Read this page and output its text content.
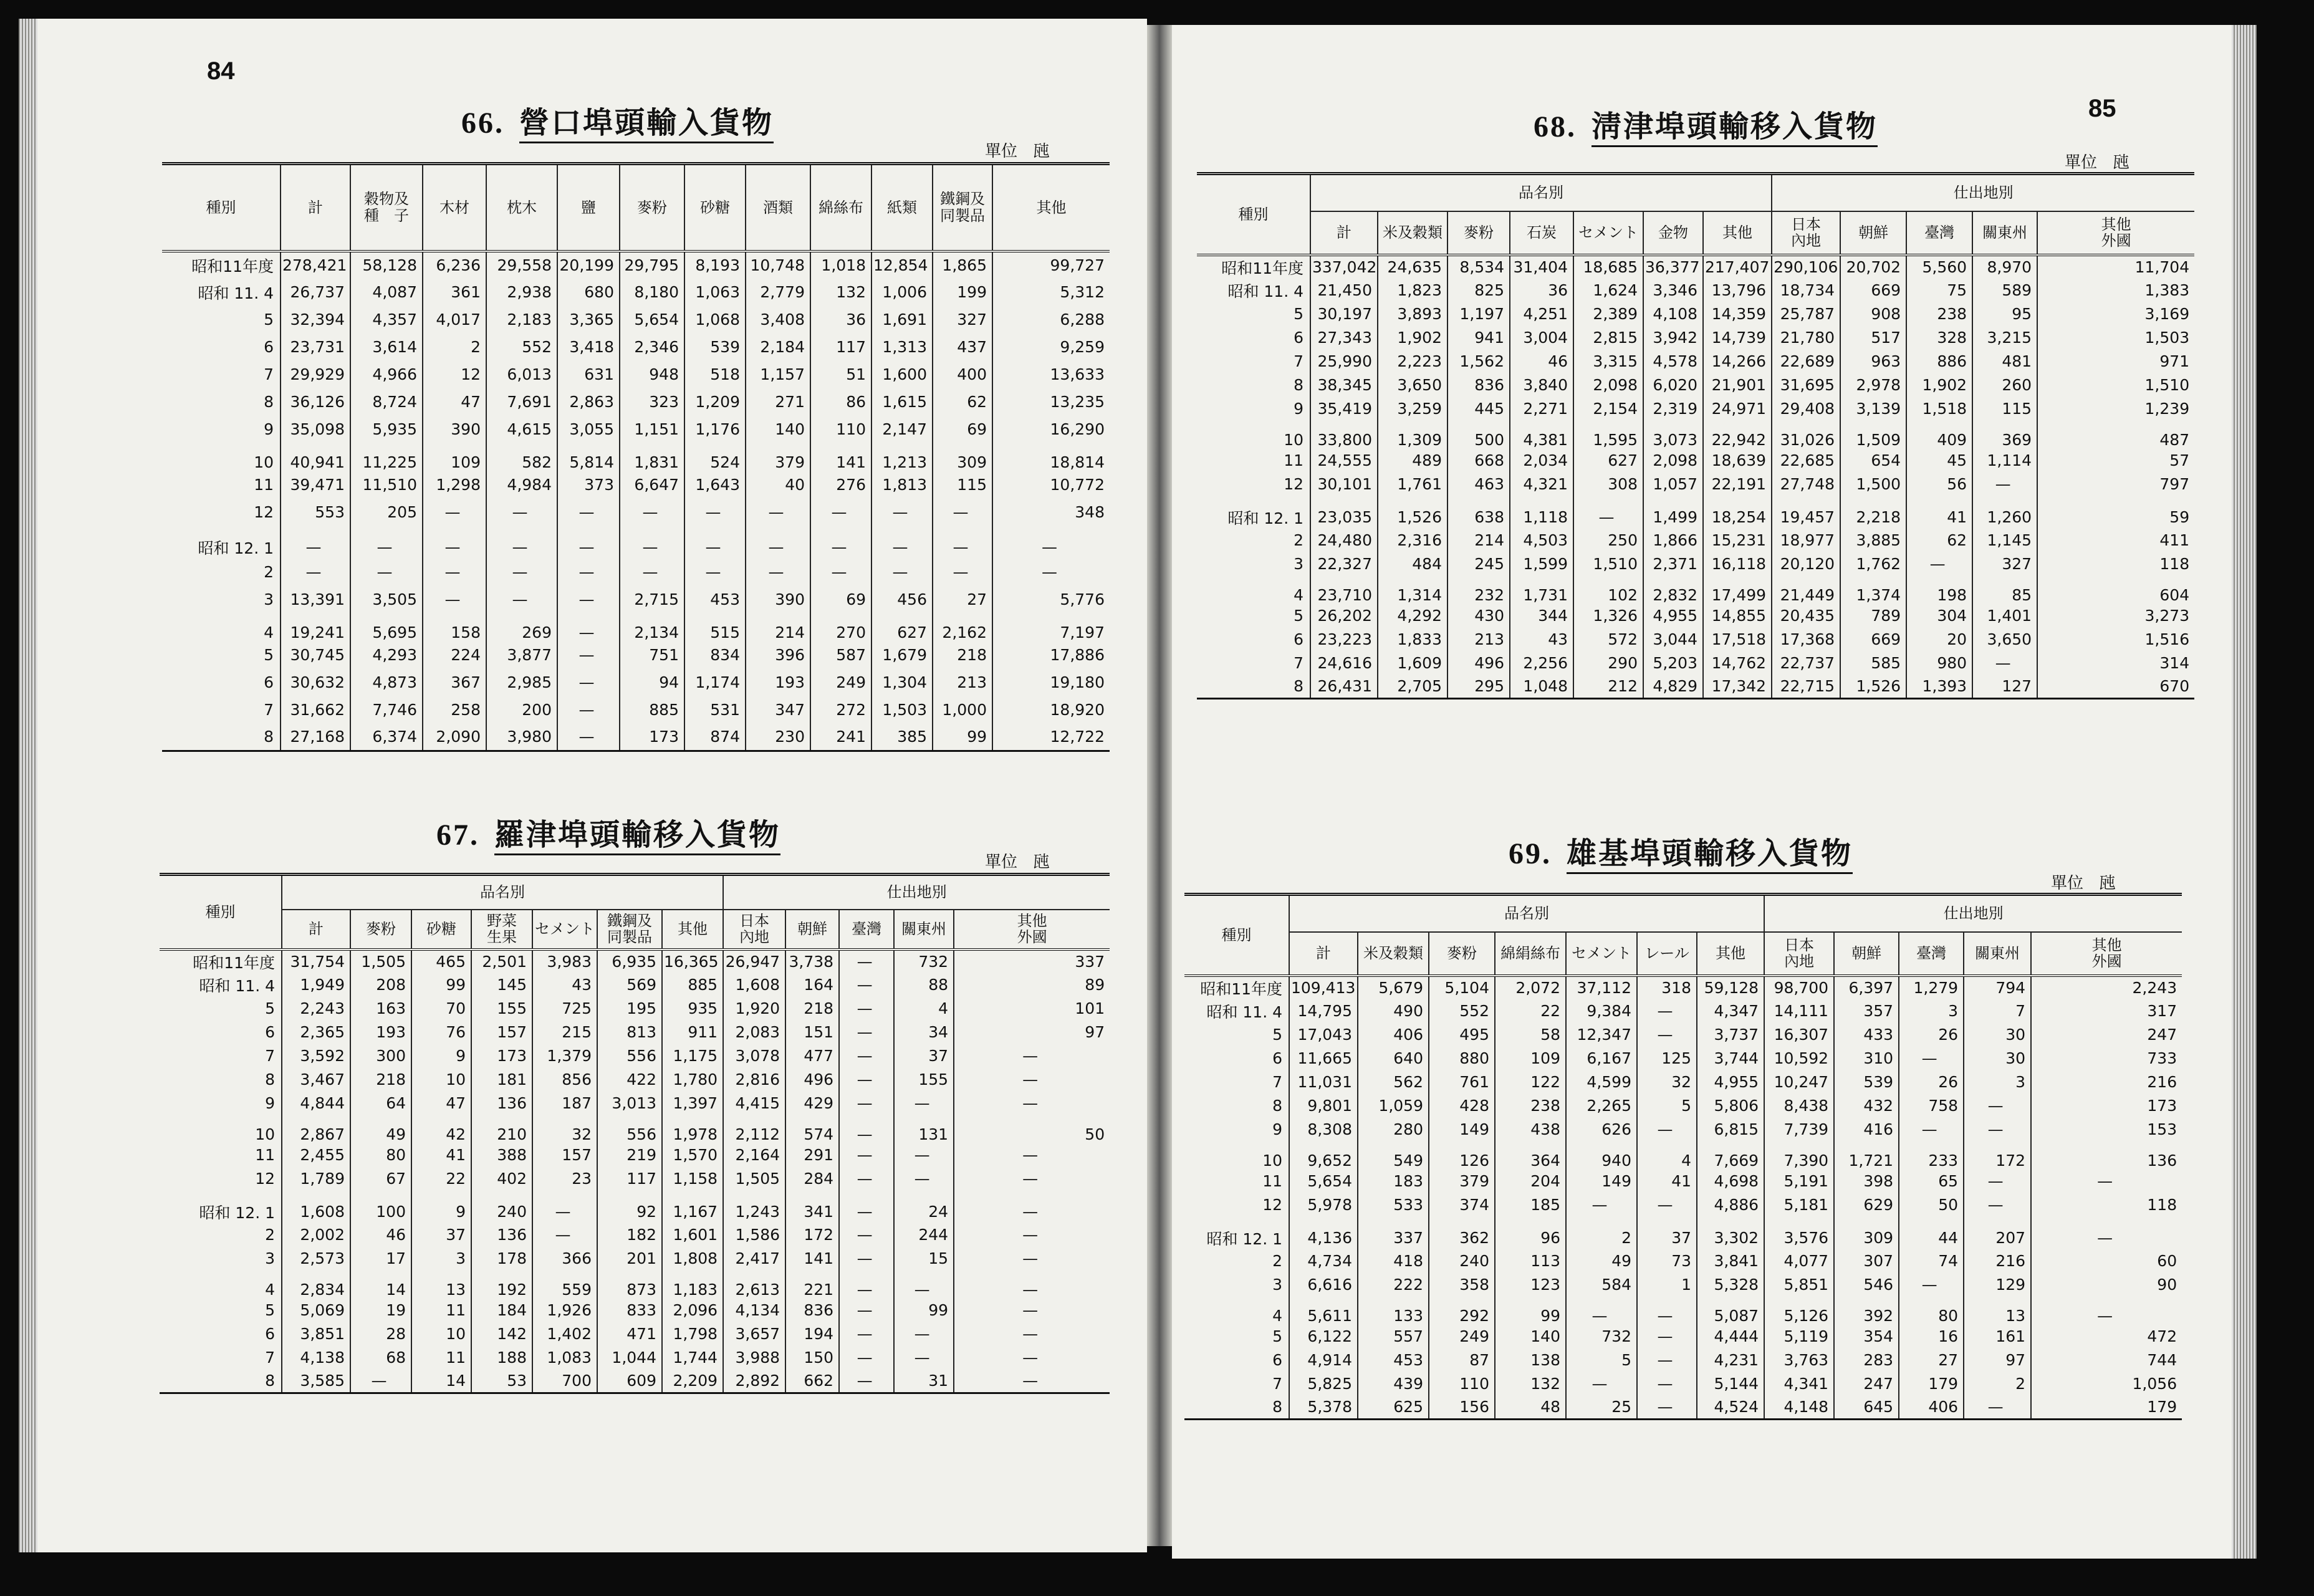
84
66. 營口埠頭輸入貨物
單位　瓲
種別	計	穀物及
種　子	木材	枕木	鹽	麥粉	砂糖	酒類	綿絲布	紙類	鐵鋼及
同製品	其他
昭和11年度	278,421	58,128	6,236	29,558	20,199	29,795	8,193	10,748	1,018	12,854	1,865	99,727
昭和 11. 4	26,737	4,087	361	2,938	680	8,180	1,063	2,779	132	1,006	199	5,312
5	32,394	4,357	4,017	2,183	3,365	5,654	1,068	3,408	36	1,691	327	6,288
6	23,731	3,614	2	552	3,418	2,346	539	2,184	117	1,313	437	9,259
7	29,929	4,966	12	6,013	631	948	518	1,157	51	1,600	400	13,633
8	36,126	8,724	47	7,691	2,863	323	1,209	271	86	1,615	62	13,235
9	35,098	5,935	390	4,615	3,055	1,151	1,176	140	110	2,147	69	16,290
10	40,941	11,225	109	582	5,814	1,831	524	379	141	1,213	309	18,814
11	39,471	11,510	1,298	4,984	373	6,647	1,643	40	276	1,813	115	10,772
12	553	205	—	—	—	—	—	—	—	—	—	348
昭和 12. 1	—	—	—	—	—	—	—	—	—	—	—	—
2	—	—	—	—	—	—	—	—	—	—	—	—
3	13,391	3,505	—	—	—	2,715	453	390	69	456	27	5,776
4	19,241	5,695	158	269	—	2,134	515	214	270	627	2,162	7,197
5	30,745	4,293	224	3,877	—	751	834	396	587	1,679	218	17,886
6	30,632	4,873	367	2,985	—	94	1,174	193	249	1,304	213	19,180
7	31,662	7,746	258	200	—	885	531	347	272	1,503	1,000	18,920
8	27,168	6,374	2,090	3,980	—	173	874	230	241	385	99	12,722
67. 羅津埠頭輸移入貨物
單位　瓲
種別	品名別							仕出地別				
	計	麥粉	砂糖	野菜
生果	セメント	鐵鋼及
同製品	其他	日本
內地	朝鮮	臺灣	關東州	其他
外國
昭和11年度	31,754	1,505	465	2,501	3,983	6,935	16,365	26,947	3,738	—	732	337
昭和 11. 4	1,949	208	99	145	43	569	885	1,608	164	—	88	89
5	2,243	163	70	155	725	195	935	1,920	218	—	4	101
6	2,365	193	76	157	215	813	911	2,083	151	—	34	97
7	3,592	300	9	173	1,379	556	1,175	3,078	477	—	37	—
8	3,467	218	10	181	856	422	1,780	2,816	496	—	155	—
9	4,844	64	47	136	187	3,013	1,397	4,415	429	—	—	—
10	2,867	49	42	210	32	556	1,978	2,112	574	—	131	50
11	2,455	80	41	388	157	219	1,570	2,164	291	—	—	—
12	1,789	67	22	402	23	117	1,158	1,505	284	—	—	—
昭和 12. 1	1,608	100	9	240	—	92	1,167	1,243	341	—	24	—
2	2,002	46	37	136	—	182	1,601	1,586	172	—	244	—
3	2,573	17	3	178	366	201	1,808	2,417	141	—	15	—
4	2,834	14	13	192	559	873	1,183	2,613	221	—	—	—
5	5,069	19	11	184	1,926	833	2,096	4,134	836	—	99	—
6	3,851	28	10	142	1,402	471	1,798	3,657	194	—	—	—
7	4,138	68	11	188	1,083	1,044	1,744	3,988	150	—	—	—
8	3,585	—	14	53	700	609	2,209	2,892	662	—	31	—
85
68. 淸津埠頭輸移入貨物
單位　瓲
種別	品名別							仕出地別				
	計	米及穀類	麥粉	石炭	セメント	金物	其他	日本
內地	朝鮮	臺灣	關東州	其他
外國
昭和11年度	337,042	24,635	8,534	31,404	18,685	36,377	217,407	290,106	20,702	5,560	8,970	11,704
昭和 11. 4	21,450	1,823	825	36	1,624	3,346	13,796	18,734	669	75	589	1,383
5	30,197	3,893	1,197	4,251	2,389	4,108	14,359	25,787	908	238	95	3,169
6	27,343	1,902	941	3,004	2,815	3,942	14,739	21,780	517	328	3,215	1,503
7	25,990	2,223	1,562	46	3,315	4,578	14,266	22,689	963	886	481	971
8	38,345	3,650	836	3,840	2,098	6,020	21,901	31,695	2,978	1,902	260	1,510
9	35,419	3,259	445	2,271	2,154	2,319	24,971	29,408	3,139	1,518	115	1,239
10	33,800	1,309	500	4,381	1,595	3,073	22,942	31,026	1,509	409	369	487
11	24,555	489	668	2,034	627	2,098	18,639	22,685	654	45	1,114	57
12	30,101	1,761	463	4,321	308	1,057	22,191	27,748	1,500	56	—	797
昭和 12. 1	23,035	1,526	638	1,118	—	1,499	18,254	19,457	2,218	41	1,260	59
2	24,480	2,316	214	4,503	250	1,866	15,231	18,977	3,885	62	1,145	411
3	22,327	484	245	1,599	1,510	2,371	16,118	20,120	1,762	—	327	118
4	23,710	1,314	232	1,731	102	2,832	17,499	21,449	1,374	198	85	604
5	26,202	4,292	430	344	1,326	4,955	14,855	20,435	789	304	1,401	3,273
6	23,223	1,833	213	43	572	3,044	17,518	17,368	669	20	3,650	1,516
7	24,616	1,609	496	2,256	290	5,203	14,762	22,737	585	980	—	314
8	26,431	2,705	295	1,048	212	4,829	17,342	22,715	1,526	1,393	127	670
69. 雄基埠頭輸移入貨物
單位　瓲
種別	品名別							仕出地別				
	計	米及穀類	麥粉	綿絹絲布	セメント	レール	其他	日本
內地	朝鮮	臺灣	關東州	其他
外國
昭和11年度	109,413	5,679	5,104	2,072	37,112	318	59,128	98,700	6,397	1,279	794	2,243
昭和 11. 4	14,795	490	552	22	9,384	—	4,347	14,111	357	3	7	317
5	17,043	406	495	58	12,347	—	3,737	16,307	433	26	30	247
6	11,665	640	880	109	6,167	125	3,744	10,592	310	—	30	733
7	11,031	562	761	122	4,599	32	4,955	10,247	539	26	3	216
8	9,801	1,059	428	238	2,265	5	5,806	8,438	432	758	—	173
9	8,308	280	149	438	626	—	6,815	7,739	416	—	—	153
10	9,652	549	126	364	940	4	7,669	7,390	1,721	233	172	136
11	5,654	183	379	204	149	41	4,698	5,191	398	65	—	—
12	5,978	533	374	185	—	—	4,886	5,181	629	50	—	118
昭和 12. 1	4,136	337	362	96	2	37	3,302	3,576	309	44	207	—
2	4,734	418	240	113	49	73	3,841	4,077	307	74	216	60
3	6,616	222	358	123	584	1	5,328	5,851	546	—	129	90
4	5,611	133	292	99	—	—	5,087	5,126	392	80	13	—
5	6,122	557	249	140	732	—	4,444	5,119	354	16	161	472
6	4,914	453	87	138	5	—	4,231	3,763	283	27	97	744
7	5,825	439	110	132	—	—	5,144	4,341	247	179	2	1,056
8	5,378	625	156	48	25	—	4,524	4,148	645	406	—	179
